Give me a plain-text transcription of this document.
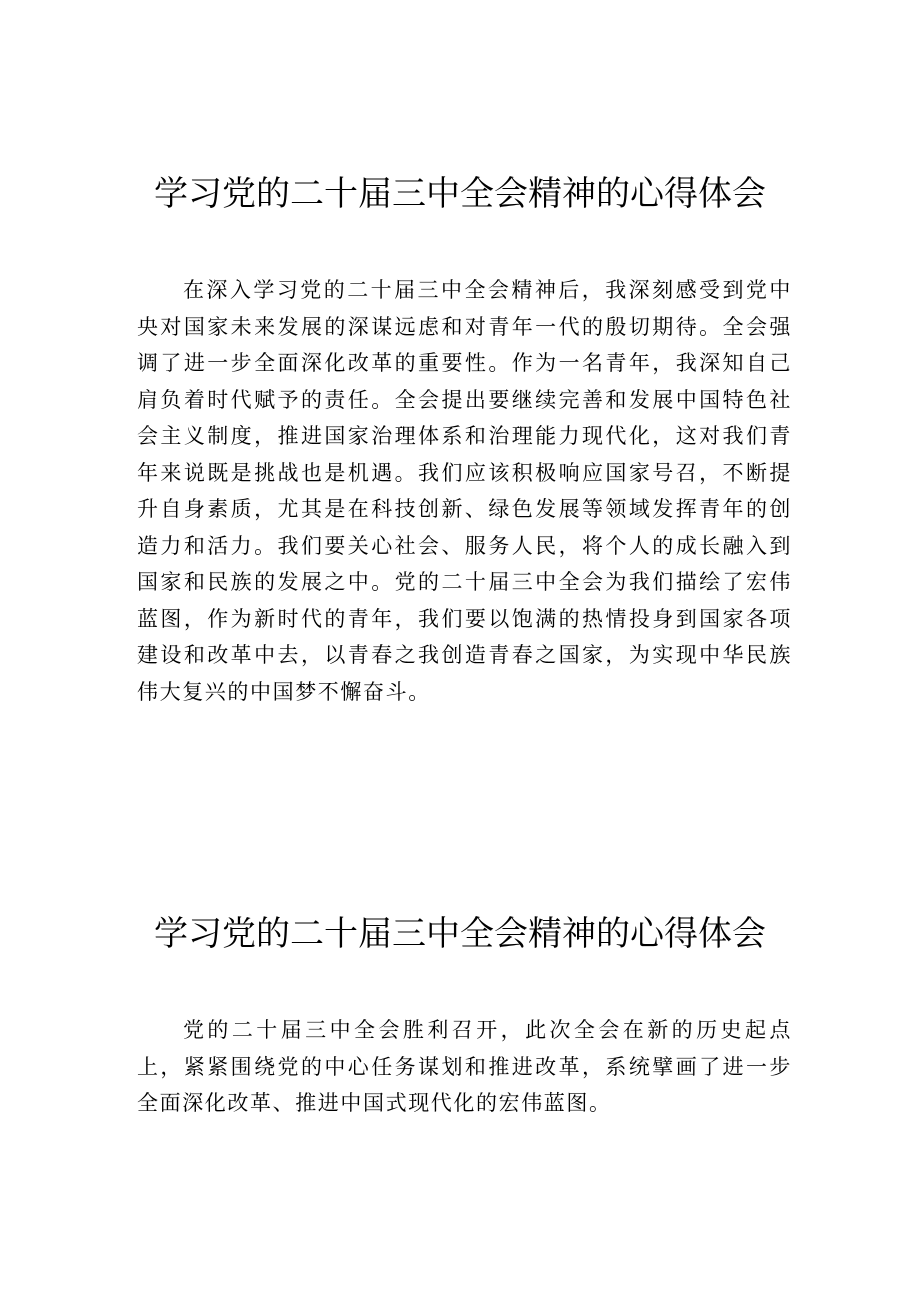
学习党的二十届三中全会精神的心得体会

在深入学习党的二十届三中全会精神后，我深刻感受到党中央对国家未来发展的深谋远虑和对青年一代的殷切期待。全会强调了进一步全面深化改革的重要性。作为一名青年，我深知自己肩负着时代赋予的责任。全会提出要继续完善和发展中国特色社会主义制度，推进国家治理体系和治理能力现代化，这对我们青年来说既是挑战也是机遇。我们应该积极响应国家号召，不断提升自身素质，尤其是在科技创新、绿色发展等领域发挥青年的创造力和活力。我们要关心社会、服务人民，将个人的成长融入到国家和民族的发展之中。党的二十届三中全会为我们描绘了宏伟蓝图，作为新时代的青年，我们要以饱满的热情投身到国家各项建设和改革中去，以青春之我创造青春之国家，为实现中华民族伟大复兴的中国梦不懈奋斗。

学习党的二十届三中全会精神的心得体会

党的二十届三中全会胜利召开，此次全会在新的历史起点上，紧紧围绕党的中心任务谋划和推进改革，系统擘画了进一步全面深化改革、推进中国式现代化的宏伟蓝图。
